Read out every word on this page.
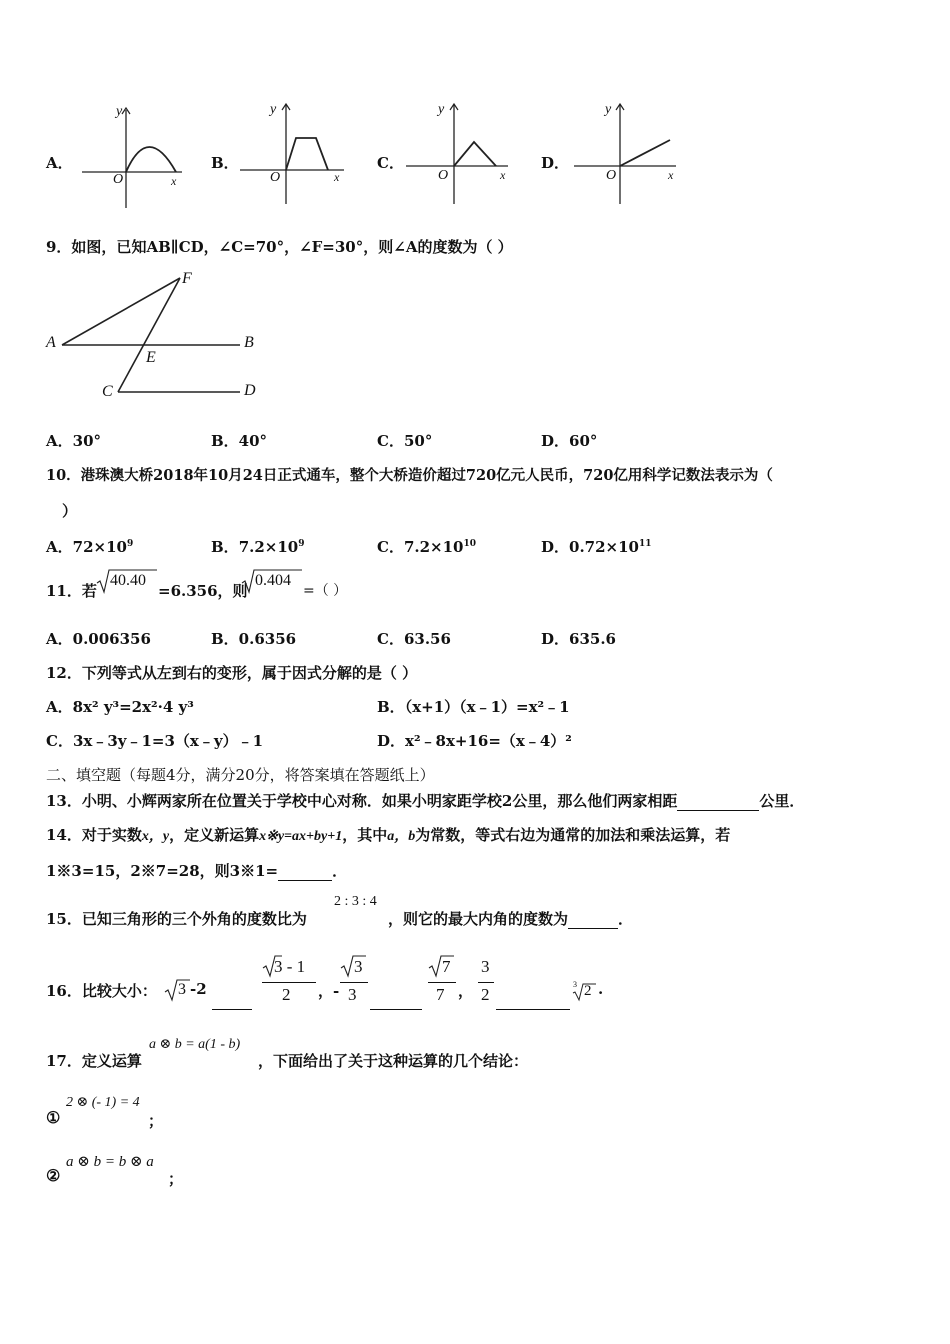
A．
y
x
O
B．
y
x
O
C．
y
x
O
D．
y
x
O
9．如图，已知AB∥CD，∠C=70°，∠F=30°，则∠A的度数为（ ）
A	B
C	D
E
F
A．30°	B．40°	C．50°	D．60°
10．港珠澳大桥2018年10月24日正式通车，整个大桥造价超过720亿元人民币，720亿用科学记数法表示为（
）
A．$72\times 10^9$	B．$7.2\times 10^9$	C．$7.2\times 10^{10}$	D．$0.72\times 10^{11}$
11．若
40.40
=6.356，则
0.404
=（ ）
A．0.006356	B．0.6356	C．63.56	D．635.6
12．下列等式从左到右的变形，属于因式分解的是（ ）
A．8x² y³=2x²·4 y³	B．（x+1）（x﹣1）=x²﹣1
C．3x﹣3y﹣1=3（x﹣y）﹣1	D．x²﹣8x+16=（x﹣4）²
二、填空题（每题4分，满分20分，将答案填在答题纸上）
13．小明、小辉两家所在位置关于学校中心对称．如果小明家距学校2公里，那么他们两家相距	公里．
14．对于实数x，y，定义新运算x※y=ax+by+1，其中a，b为常数，等式右边为通常的加法和乘法运算，若
1※3=15，2※7=28，则3※1=	．
15．已知三角形的三个外角的度数比为
2 : 3 : 4
，则它的最大内角的度数为	．
16．比较大小： 3 -2

3 - 1
2 ，-
3
3

7
7 ，
3
2

3 2 .
17．定义运算
a ⊗ b = a(1 - b)
，下面给出了关于这种运算的几个结论：
①
2 ⊗ (- 1) = 4
；
②
a ⊗ b = b ⊗ a
；
